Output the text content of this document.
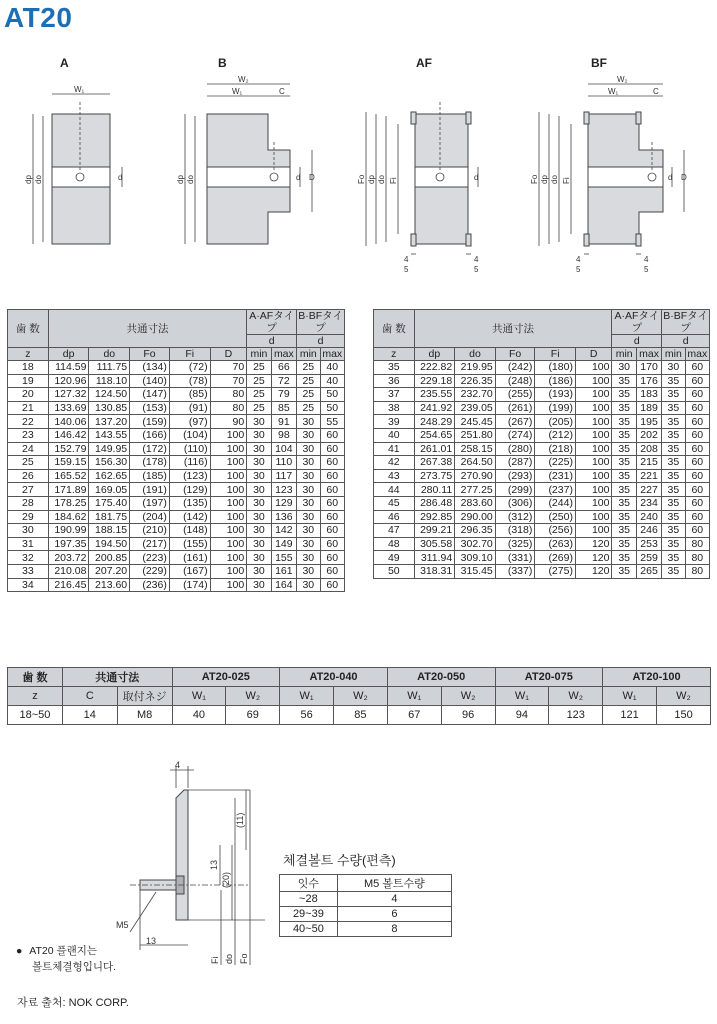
AT20
A	B	AF	BF
W₁
W₂
W₁	C
W₂
W₁	C
d	d D	d	d D
4
5
4
5
4
5
4
5
dp do	dp do	Fo dp do Fi	Fo dp do Fi
歯 数	共通寸法					A·AFタイプ		B·BFタイプ	
						d		d	
z	dp	do	Fo	Fi	D	min	max	min	max
18	114.59	111.75	(134)	(72)	70	25	66	25	40
19	120.96	118.10	(140)	(78)	70	25	72	25	40
20	127.32	124.50	(147)	(85)	80	25	79	25	50
21	133.69	130.85	(153)	(91)	80	25	85	25	50
22	140.06	137.20	(159)	(97)	90	30	91	30	55
23	146.42	143.55	(166)	(104)	100	30	98	30	60
24	152.79	149.95	(172)	(110)	100	30	104	30	60
25	159.15	156.30	(178)	(116)	100	30	110	30	60
26	165.52	162.65	(185)	(123)	100	30	117	30	60
27	171.89	169.05	(191)	(129)	100	30	123	30	60
28	178.25	175.40	(197)	(135)	100	30	129	30	60
29	184.62	181.75	(204)	(142)	100	30	136	30	60
30	190.99	188.15	(210)	(148)	100	30	142	30	60
31	197.35	194.50	(217)	(155)	100	30	149	30	60
32	203.72	200.85	(223)	(161)	100	30	155	30	60
33	210.08	207.20	(229)	(167)	100	30	161	30	60
34	216.45	213.60	(236)	(174)	100	30	164	30	60
歯 数	共通寸法					A·AFタイプ		B·BFタイプ	
						d		d	
z	dp	do	Fo	Fi	D	min	max	min	max
35	222.82	219.95	(242)	(180)	100	30	170	30	60
36	229.18	226.35	(248)	(186)	100	35	176	35	60
37	235.55	232.70	(255)	(193)	100	35	183	35	60
38	241.92	239.05	(261)	(199)	100	35	189	35	60
39	248.29	245.45	(267)	(205)	100	35	195	35	60
40	254.65	251.80	(274)	(212)	100	35	202	35	60
41	261.01	258.15	(280)	(218)	100	35	208	35	60
42	267.38	264.50	(287)	(225)	100	35	215	35	60
43	273.75	270.90	(293)	(231)	100	35	221	35	60
44	280.11	277.25	(299)	(237)	100	35	227	35	60
45	286.48	283.60	(306)	(244)	100	35	234	35	60
46	292.85	290.00	(312)	(250)	100	35	240	35	60
47	299.21	296.35	(318)	(256)	100	35	246	35	60
48	305.58	302.70	(325)	(263)	120	35	253	35	80
49	311.94	309.10	(331)	(269)	120	35	259	35	80
50	318.31	315.45	(337)	(275)	120	35	265	35	80
歯 数	共通寸法		AT20-025		AT20-040		AT20-050		AT20-075		AT20-100	
z	C	取付ネジ	W₁	W₂	W₁	W₂	W₁	W₂	W₁	W₂	W₁	W₂
18~50	14	M8	40	69	56	85	67	96	94	123	121	150
4
13
M5
(11)
13
(20)
Fi do Fo
체결볼트 수량(편측)
잇수	M5 볼트수량
~28	4
29~39	6
40~50	8
● AT20 플랜지는
볼트체결형입니다.
자료 출처: NOK CORP.
